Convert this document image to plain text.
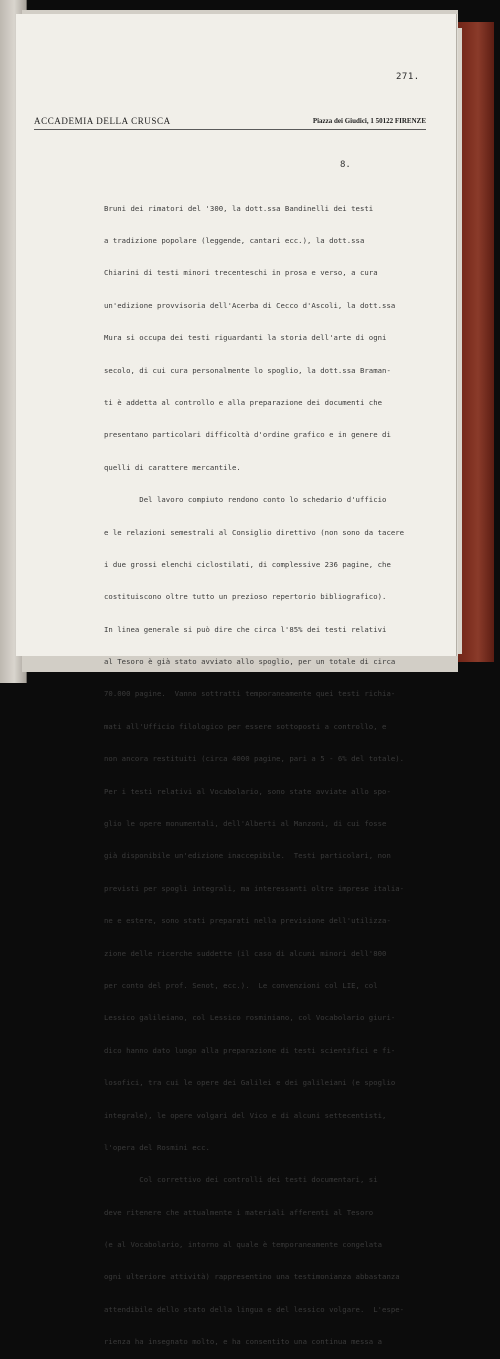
271.
ACCADEMIA DELLA CRUSCA	Piazza dei Giudici, 1 50122 FIRENZE
8.

Bruni dei rimatori del '300, la dott.ssa Bandinelli dei testi

a tradizione popolare (leggende, cantari ecc.), la dott.ssa

Chiarini di testi minori trecenteschi in prosa e verso, a cura

un'edizione provvisoria dell'Acerba di Cecco d'Ascoli, la dott.ssa

Mura si occupa dei testi riguardanti la storia dell'arte di ogni

secolo, di cui cura personalmente lo spoglio, la dott.ssa Braman-

ti è addetta al controllo e alla preparazione dei documenti che

presentano particolari difficoltà d'ordine grafico e in genere di

quelli di carattere mercantile.

Del lavoro compiuto rendono conto lo schedario d'ufficio

e le relazioni semestrali al Consiglio direttivo (non sono da tacere

i due grossi elenchi ciclostilati, di complessive 236 pagine, che

costituiscono oltre tutto un prezioso repertorio bibliografico).

In linea generale si può dire che circa l'85% dei testi relativi

al Tesoro è già stato avviato allo spoglio, per un totale di circa

70.000 pagine.  Vanno sottratti temporaneamente quei testi richia-

mati all'Ufficio filologico per essere sottoposti a controllo, e

non ancora restituiti (circa 4000 pagine, pari a 5 - 6% del totale).

Per i testi relativi al Vocabolario, sono state avviate allo spo-

glio le opere monumentali, dell'Alberti al Manzoni, di cui fosse

già disponibile un'edizione inaccepibile.  Testi particolari, non

previsti per spogli integrali, ma interessanti oltre imprese italia-

ne e estere, sono stati preparati nella previsione dell'utilizza-

zione delle ricerche suddette (il caso di alcuni minori dell'800

per conto del prof. Senot, ecc.).  Le convenzioni col LIE, col

Lessico galileiano, col Lessico rosminiano, col Vocabolario giuri-

dico hanno dato luogo alla preparazione di testi scientifici e fi-

losofici, tra cui le opere dei Galilei e dei galileiani (e spoglio

integrale), le opere volgari del Vico e di alcuni settecentisti,

l'opera del Rosmini ecc.

Col correttivo dei controlli dei testi documentari, si

deve ritenere che attualmente i materiali afferenti al Tesoro

(e al Vocabolario, intorno al quale è temporaneamente congelata

ogni ulteriore attività) rappresentino una testimonianza abbastanza

attendibile dello stato della lingua e del lessico volgare.  L'espe-

rienza ha insegnato molto, e ha consentito una continua messa a
